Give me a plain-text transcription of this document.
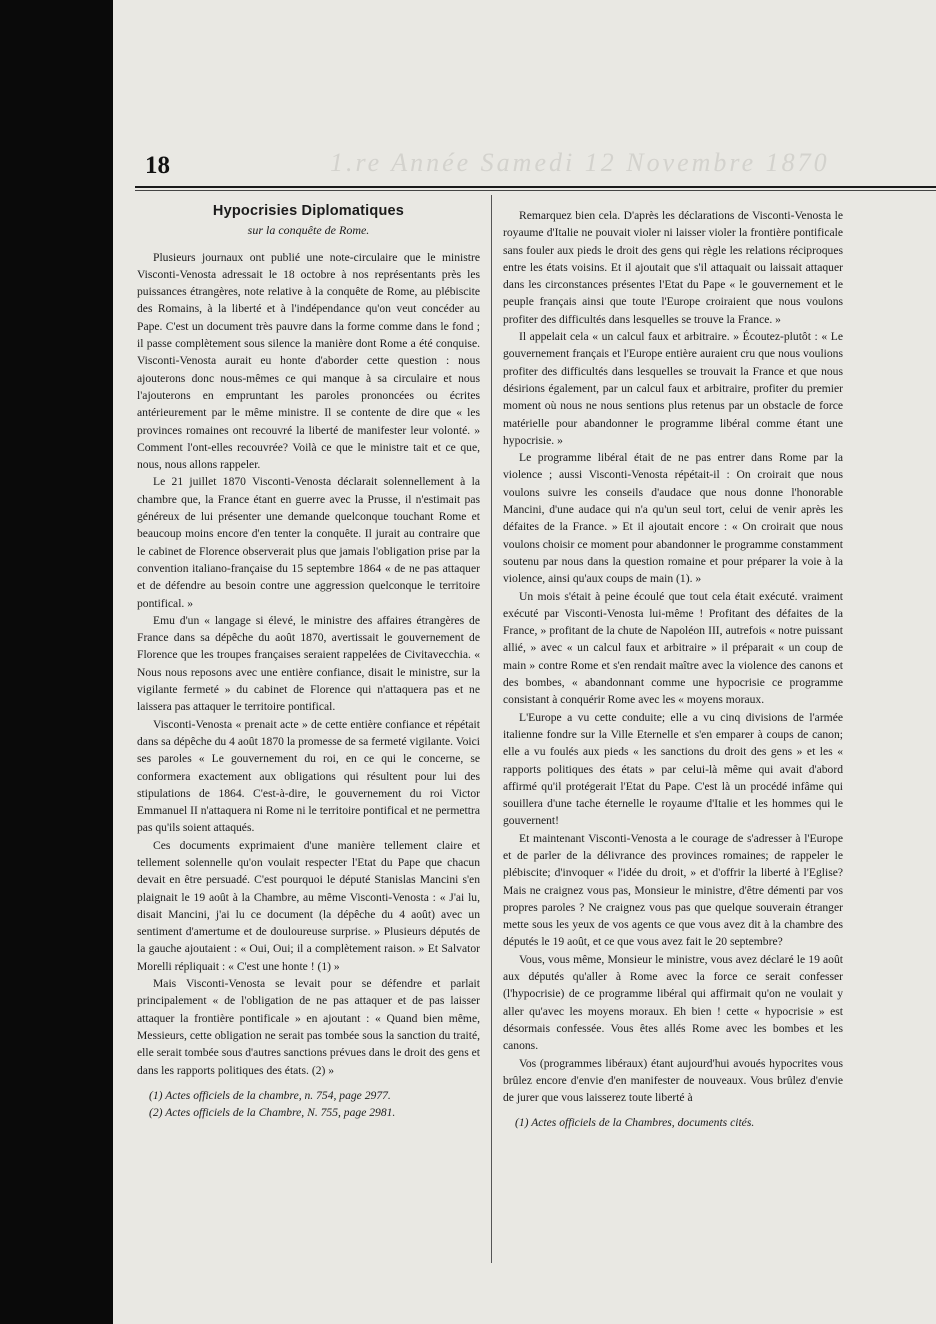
1.re Année Samedi 12 Novembre 1870
18
Hypocrisies Diplomatiques
sur la conquête de Rome.

Plusieurs journaux ont publié une note-circulaire que le ministre Visconti-Venosta adressait le 18 octobre à nos représentants près les puissances étrangères, note relative à la conquête de Rome, au plébiscite des Romains, à la liberté et à l'indépendance qu'on veut concéder au Pape. C'est un document très pauvre dans la forme comme dans le fond ; il passe complètement sous silence la manière dont Rome a été conquise. Visconti-Venosta aurait eu honte d'aborder cette question : nous ajouterons donc nous-mêmes ce qui manque à sa circulaire et nous l'ajouterons en empruntant les paroles prononcées ou écrites antérieurement par le même ministre. Il se contente de dire que « les provinces romaines ont recouvré la liberté de manifester leur volonté. » Comment l'ont-elles recouvrée? Voilà ce que le ministre tait et ce que, nous, nous allons rappeler.

Le 21 juillet 1870 Visconti-Venosta déclarait solennellement à la chambre que, la France étant en guerre avec la Prusse, il n'estimait pas généreux de lui présenter une demande quelconque touchant Rome et beaucoup moins encore d'en tenter la conquête. Il jurait au contraire que le cabinet de Florence observerait plus que jamais l'obligation prise par la convention italiano-française du 15 septembre 1864 « de ne pas attaquer et de défendre au besoin contre une aggression quelconque le territoire pontifical. »

Emu d'un « langage si élevé, le ministre des affaires étrangères de France dans sa dépêche du août 1870, avertissait le gouvernement de Florence que les troupes françaises seraient rappelées de Civitavecchia. « Nous nous reposons avec une entière confiance, disait le ministre, sur la vigilante fermeté » du cabinet de Florence qui n'attaquera pas et ne laissera pas attaquer le territoire pontifical.

Visconti-Venosta « prenait acte » de cette entière confiance et répétait dans sa dépêche du 4 août 1870 la promesse de sa fermeté vigilante. Voici ses paroles « Le gouvernement du roi, en ce qui le concerne, se conformera exactement aux obligations qui résultent pour lui des stipulations de 1864. C'est-à-dire, le gouvernement du roi Victor Emmanuel II n'attaquera ni Rome ni le territoire pontifical et ne permettra pas qu'ils soient attaqués.

Ces documents exprimaient d'une manière tellement claire et tellement solennelle qu'on voulait respecter l'Etat du Pape que chacun devait en être persuadé. C'est pourquoi le député Stanislas Mancini s'en plaignait le 19 août à la Chambre, au même Visconti-Venosta : « J'ai lu, disait Mancini, j'ai lu ce document (la dépêche du 4 août) avec un sentiment d'amertume et de douloureuse surprise. » Plusieurs députés de la gauche ajoutaient : « Oui, Oui; il a complètement raison. » Et Salvator Morelli répliquait : « C'est une honte ! (1) »

Mais Visconti-Venosta se levait pour se défendre et parlait principalement « de l'obligation de ne pas attaquer et de pas laisser attaquer la frontière pontificale » en ajoutant : « Quand bien même, Messieurs, cette obligation ne serait pas tombée sous la sanction du traité, elle serait tombée sous d'autres sanctions prévues dans le droit des gens et dans les rapports politiques des états. (2) »

(1) Actes officiels de la chambre, n. 754, page 2977.
(2) Actes officiels de la Chambre, N. 755, page 2981.

Remarquez bien cela. D'après les déclarations de Visconti-Venosta le royaume d'Italie ne pouvait violer ni laisser violer la frontière pontificale sans fouler aux pieds le droit des gens qui règle les relations réciproques entre les états voisins. Et il ajoutait que s'il attaquait ou laissait attaquer dans les circonstances présentes l'Etat du Pape « le gouvernement et le peuple français ainsi que toute l'Europe croiraient que nous voulons profiter des difficultés dans lesquelles se trouve la France. »

Il appelait cela « un calcul faux et arbitraire. » Écoutez-plutôt : « Le gouvernement français et l'Europe entière auraient cru que nous voulions profiter des difficultés dans lesquelles se trouvait la France et que nous désirions également, par un calcul faux et arbitraire, profiter du premier moment où nous ne nous sentions plus retenus par un obstacle de force matérielle pour abandonner le programme libéral comme étant une hypocrisie. »

Le programme libéral était de ne pas entrer dans Rome par la violence ; aussi Visconti-Venosta répétait-il : On croirait que nous voulons suivre les conseils d'audace que nous donne l'honorable Mancini, d'une audace qui n'a qu'un seul tort, celui de venir après les défaites de la France. » Et il ajoutait encore : « On croirait que nous voulons choisir ce moment pour abandonner le programme constamment soutenu par nous dans la question romaine et pour préparer la voie à la violence, ainsi qu'aux coups de main (1). »

Un mois s'était à peine écoulé que tout cela était exécuté. vraiment exécuté par Visconti-Venosta lui-même ! Profitant des défaites de la France, » profitant de la chute de Napoléon III, autrefois « notre puissant allié, » avec « un calcul faux et arbitraire » il préparait « un coup de main » contre Rome et s'en rendait maître avec la violence des canons et des bombes, « abandonnant comme une hypocrisie ce programme consistant à conquérir Rome avec les « moyens moraux.

L'Europe a vu cette conduite; elle a vu cinq divisions de l'armée italienne fondre sur la Ville Eternelle et s'en emparer à coups de canon; elle a vu foulés aux pieds « les sanctions du droit des gens » et les « rapports politiques des états » par celui-là même qui avait d'abord affirmé qu'il protégerait l'Etat du Pape. C'est là un procédé infâme qui souillera d'une tache éternelle le royaume d'Italie et les hommes qui le gouvernent!

Et maintenant Visconti-Venosta a le courage de s'adresser à l'Europe et de parler de la délivrance des provinces romaines; de rappeler le plébiscite; d'invoquer « l'idée du droit, » et d'offrir la liberté à l'Eglise? Mais ne craignez vous pas, Monsieur le ministre, d'être démenti par vos propres paroles ? Ne craignez vous pas que quelque souverain étranger mette sous les yeux de vos agents ce que vous avez dit à la chambre des députés le 19 août, et ce que vous avez fait le 20 septembre?

Vous, vous même, Monsieur le ministre, vous avez déclaré le 19 août aux députés qu'aller à Rome avec la force ce serait confesser (l'hypocrisie) de ce programme libéral qui affirmait qu'on ne voulait y aller qu'avec les moyens moraux. Eh bien ! cette « hypocrisie » est désormais confessée. Vous êtes allés Rome avec les bombes et les canons.

Vos (programmes libéraux) étant aujourd'hui avoués hypocrites vous brûlez encore d'envie d'en manifester de nouveaux. Vous brûlez d'envie de jurer que vous laisserez toute liberté à

(1) Actes officiels de la Chambres, documents cités.
